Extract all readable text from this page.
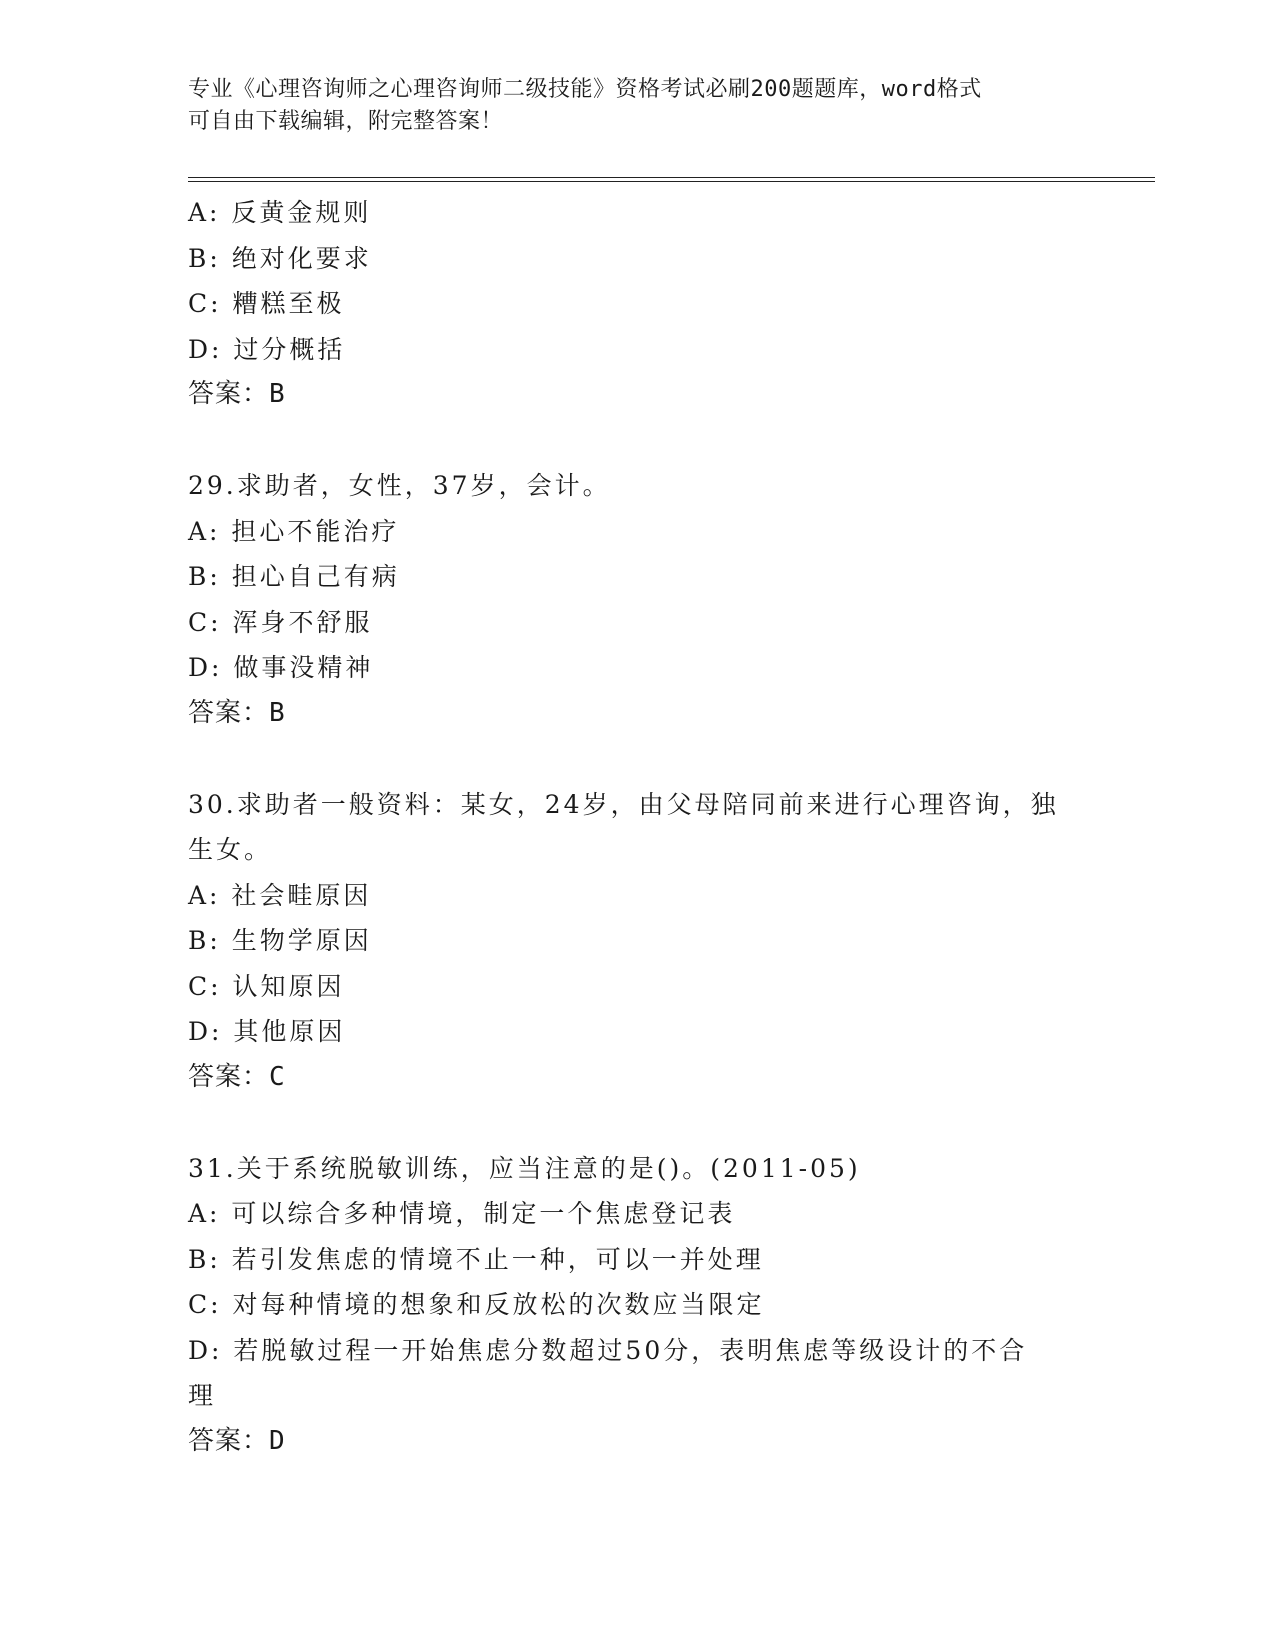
专业《心理咨询师之心理咨询师二级技能》资格考试必刷200题题库，word格式
可自由下载编辑，附完整答案！
A: 反黄金规则
B: 绝对化要求
C: 糟糕至极
D: 过分概括
答案：B
29.求助者，女性，37岁，会计。
A: 担心不能治疗
B: 担心自己有病
C: 浑身不舒服
D: 做事没精神
答案：B
30.求助者一般资料：某女，24岁，由父母陪同前来进行心理咨询，独
生女。
A: 社会畦原因
B: 生物学原因
C: 认知原因
D: 其他原因
答案：C
31.关于系统脱敏训练，应当注意的是()。(2011-05)
A: 可以综合多种情境，制定一个焦虑登记表
B: 若引发焦虑的情境不止一种，可以一并处理
C: 对每种情境的想象和反放松的次数应当限定
D: 若脱敏过程一开始焦虑分数超过50分，表明焦虑等级设计的不合
理
答案：D
